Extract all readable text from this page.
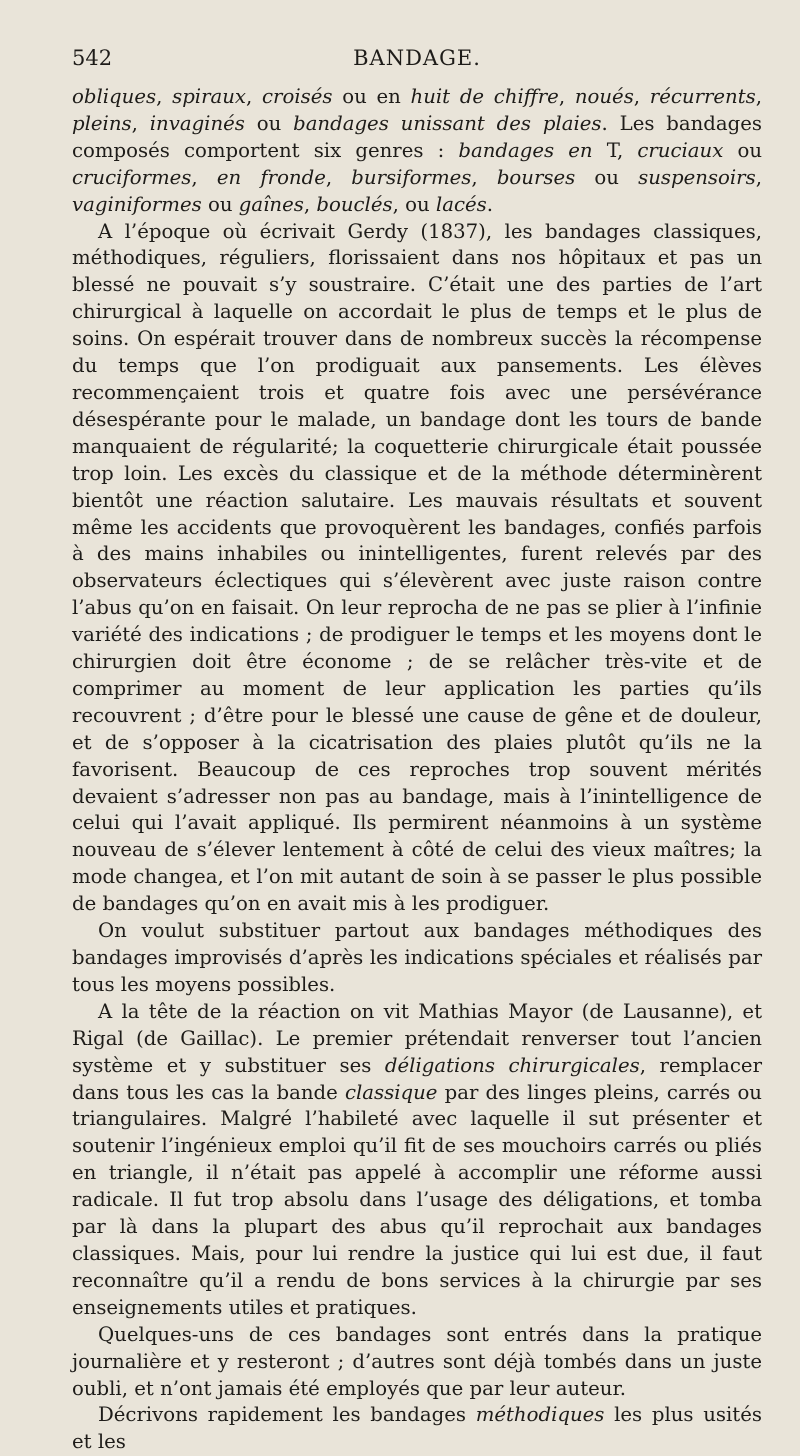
542	BANDAGE.

obliques, spiraux, croisés ou en huit de chiffre, noués, récurrents, pleins, invaginés ou bandages unissant des plaies. Les bandages composés comportent six genres : bandages en T, cruciaux ou cruciformes, en fronde, bursiformes, bourses ou suspensoirs, vaginiformes ou gaînes, bouclés, ou lacés.

A l’époque où écrivait Gerdy (1837), les bandages classiques, méthodiques, réguliers, florissaient dans nos hôpitaux et pas un blessé ne pouvait s’y soustraire. C’était une des parties de l’art chirurgical à laquelle on accordait le plus de temps et le plus de soins. On espérait trouver dans de nombreux succès la récompense du temps que l’on prodiguait aux pansements. Les élèves recommençaient trois et quatre fois avec une persévérance désespérante pour le malade, un bandage dont les tours de bande manquaient de régularité; la coquetterie chirurgicale était poussée trop loin. Les excès du classique et de la méthode déterminèrent bientôt une réaction salutaire. Les mauvais résultats et souvent même les accidents que provoquèrent les bandages, confiés parfois à des mains inhabiles ou inintelligentes, furent relevés par des observateurs éclectiques qui s’élevèrent avec juste raison contre l’abus qu’on en faisait. On leur reprocha de ne pas se plier à l’infinie variété des indications ; de prodiguer le temps et les moyens dont le chirurgien doit être économe ; de se relâcher très-vite et de comprimer au moment de leur application les parties qu’ils recouvrent ; d’être pour le blessé une cause de gêne et de douleur, et de s’opposer à la cicatrisation des plaies plutôt qu’ils ne la favorisent. Beaucoup de ces reproches trop souvent mérités devaient s’adresser non pas au bandage, mais à l’inintelligence de celui qui l’avait appliqué. Ils permirent néanmoins à un système nouveau de s’élever lentement à côté de celui des vieux maîtres; la mode changea, et l’on mit autant de soin à se passer le plus possible de bandages qu’on en avait mis à les prodiguer.

On voulut substituer partout aux bandages méthodiques des bandages improvisés d’après les indications spéciales et réalisés par tous les moyens possibles.

A la tête de la réaction on vit Mathias Mayor (de Lausanne), et Rigal (de Gaillac). Le premier prétendait renverser tout l’ancien système et y substituer ses déligations chirurgicales, remplacer dans tous les cas la bande classique par des linges pleins, carrés ou triangulaires. Malgré l’habileté avec laquelle il sut présenter et soutenir l’ingénieux emploi qu’il fit de ses mouchoirs carrés ou pliés en triangle, il n’était pas appelé à accomplir une réforme aussi radicale. Il fut trop absolu dans l’usage des déligations, et tomba par là dans la plupart des abus qu’il reprochait aux bandages classiques. Mais, pour lui rendre la justice qui lui est due, il faut reconnaître qu’il a rendu de bons services à la chirurgie par ses enseignements utiles et pratiques.

Quelques-uns de ces bandages sont entrés dans la pratique journalière et y resteront ; d’autres sont déjà tombés dans un juste oubli, et n’ont jamais été employés que par leur auteur.

Décrivons rapidement les bandages méthodiques les plus usités et les
